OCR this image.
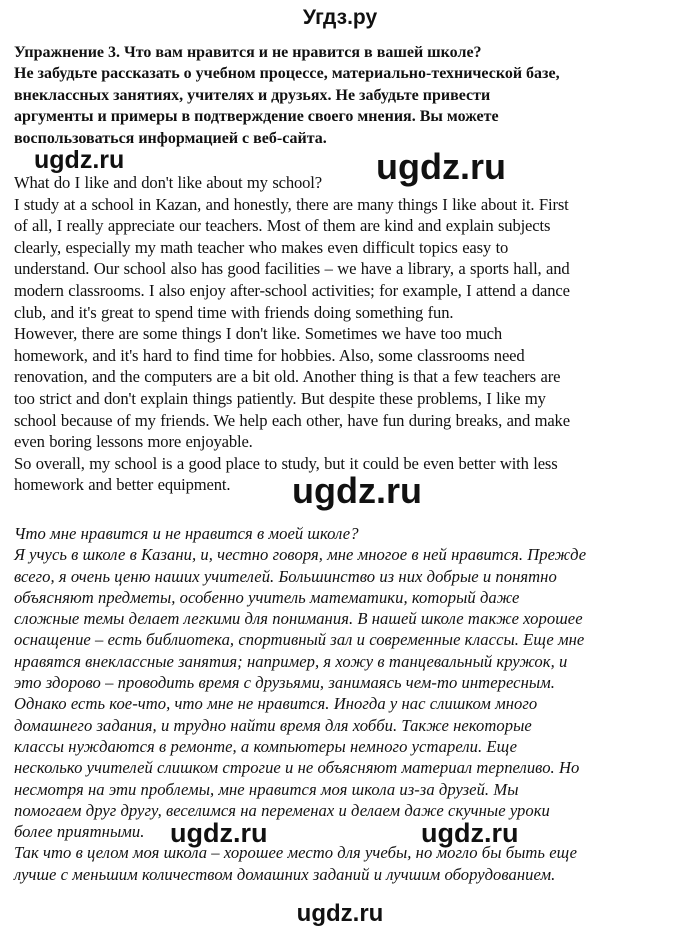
Угдз.ру
Упражнение 3. Что вам нравится и не нравится в вашей школе?
Не забудьте рассказать о учебном процессе, материально-технической базе,
внеклассных занятиях, учителях и друзьях. Не забудьте привести
аргументы и примеры в подтверждение своего мнения. Вы можете
воспользоваться информацией с веб-сайта.

What do I like and don't like about my school?

I study at a school in Kazan, and honestly, there are many things I like about it. First

of all, I really appreciate our teachers. Most of them are kind and explain subjects

clearly, especially my math teacher who makes even difficult topics easy to

understand. Our school also has good facilities – we have a library, a sports hall, and

modern classrooms. I also enjoy after-school activities; for example, I attend a dance

club, and it's great to spend time with friends doing something fun.

However, there are some things I don't like. Sometimes we have too much

homework, and it's hard to find time for hobbies. Also, some classrooms need

renovation, and the computers are a bit old. Another thing is that a few teachers are

too strict and don't explain things patiently. But despite these problems, I like my

school because of my friends. We help each other, have fun during breaks, and make

even boring lessons more enjoyable.

So overall, my school is a good place to study, but it could be even better with less

homework and better equipment.

Что мне нравится и не нравится в моей школе?

Я учусь в школе в Казани, и, честно говоря, мне многое в ней нравится. Прежде

всего, я очень ценю наших учителей. Большинство из них добрые и понятно

объясняют предметы, особенно учитель математики, который даже

сложные темы делает легкими для понимания. В нашей школе также хорошее

оснащение – есть библиотека, спортивный зал и современные классы. Еще мне

нравятся внеклассные занятия; например, я хожу в танцевальный кружок, и

это здорово – проводить время с друзьями, занимаясь чем-то интересным.

Однако есть кое-что, что мне не нравится. Иногда у нас слишком много

домашнего задания, и трудно найти время для хобби. Также некоторые

классы нуждаются в ремонте, а компьютеры немного устарели. Еще

несколько учителей слишком строгие и не объясняют материал терпеливо. Но

несмотря на эти проблемы, мне нравится моя школа из-за друзей. Мы

помогаем друг другу, веселимся на переменах и делаем даже скучные уроки

более приятными.

Так что в целом моя школа – хорошее место для учебы, но могло бы быть еще

лучше с меньшим количеством домашних заданий и лучшим оборудованием.

ugdz.ru	ugdz.ru
ugdz.ru
ugdz.ru	ugdz.ru
ugdz.ru
